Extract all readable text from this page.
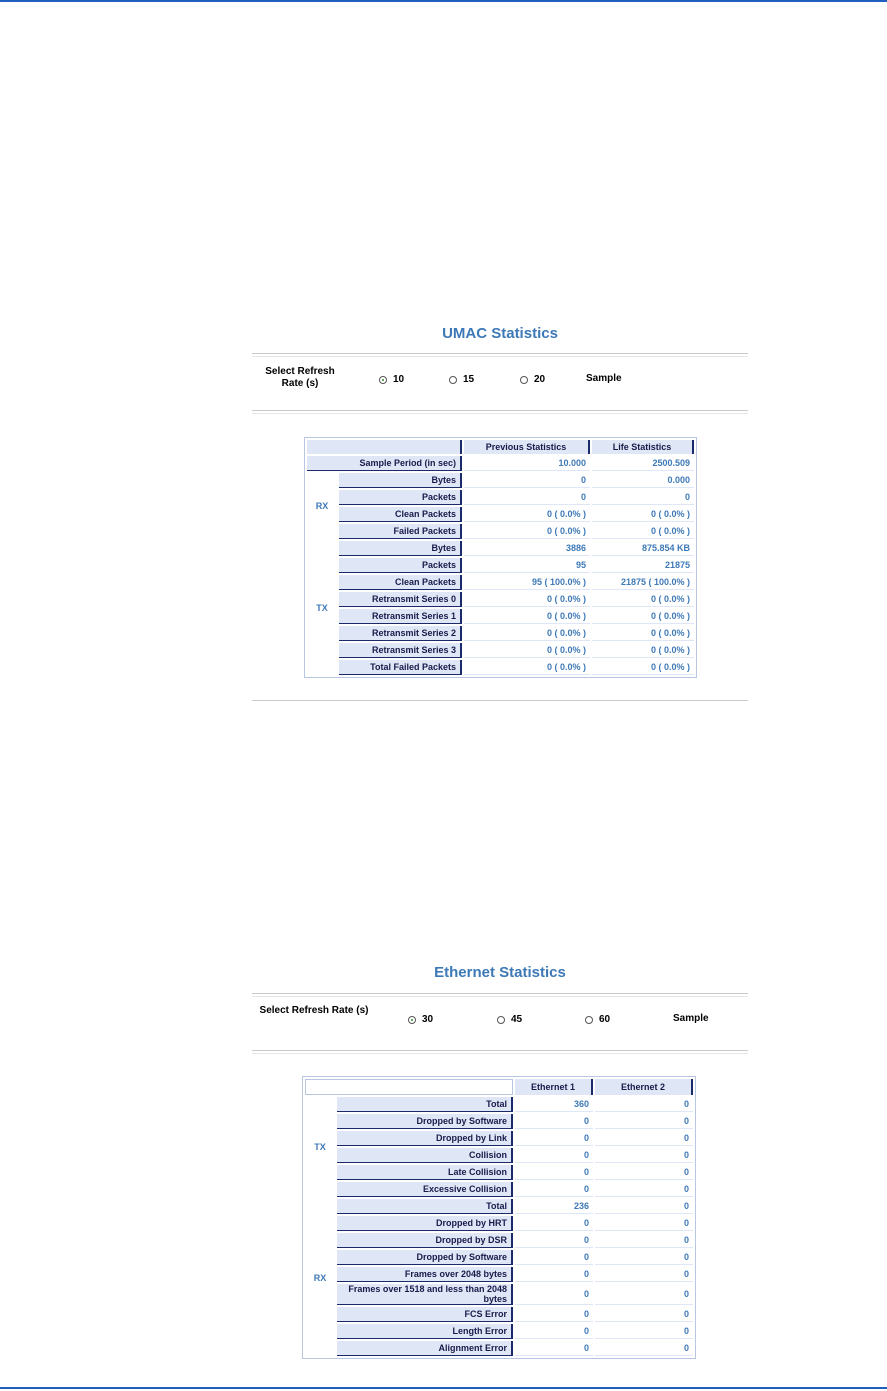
UMAC Statistics
Select Refresh Rate (s)	10	15	20	Sample
		Previous Statistics	Life Statistics
Sample Period (in sec)		10.000	2500.509
RX	Bytes	0	0.000
	Packets	0	0
	Clean Packets	0 ( 0.0% )	0 ( 0.0% )
	Failed Packets	0 ( 0.0% )	0 ( 0.0% )
TX	Bytes	3886	875.854 KB
	Packets	95	21875
	Clean Packets	95 ( 100.0% )	21875 ( 100.0% )
	Retransmit Series 0	0 ( 0.0% )	0 ( 0.0% )
	Retransmit Series 1	0 ( 0.0% )	0 ( 0.0% )
	Retransmit Series 2	0 ( 0.0% )	0 ( 0.0% )
	Retransmit Series 3	0 ( 0.0% )	0 ( 0.0% )
	Total Failed Packets	0 ( 0.0% )	0 ( 0.0% )
Ethernet Statistics
Select Refresh Rate (s)
30	45	60	Sample
		Ethernet 1	Ethernet 2
TX	Total	360	0
	Dropped by Software	0	0
	Dropped by Link	0	0
	Collision	0	0
	Late Collision	0	0
	Excessive Collision	0	0
RX	Total	236	0
	Dropped by HRT	0	0
	Dropped by DSR	0	0
	Dropped by Software	0	0
	Frames over 2048 bytes	0	0
	Frames over 1518 and less than 2048 bytes	0	0
	FCS Error	0	0
	Length Error	0	0
	Alignment Error	0	0
